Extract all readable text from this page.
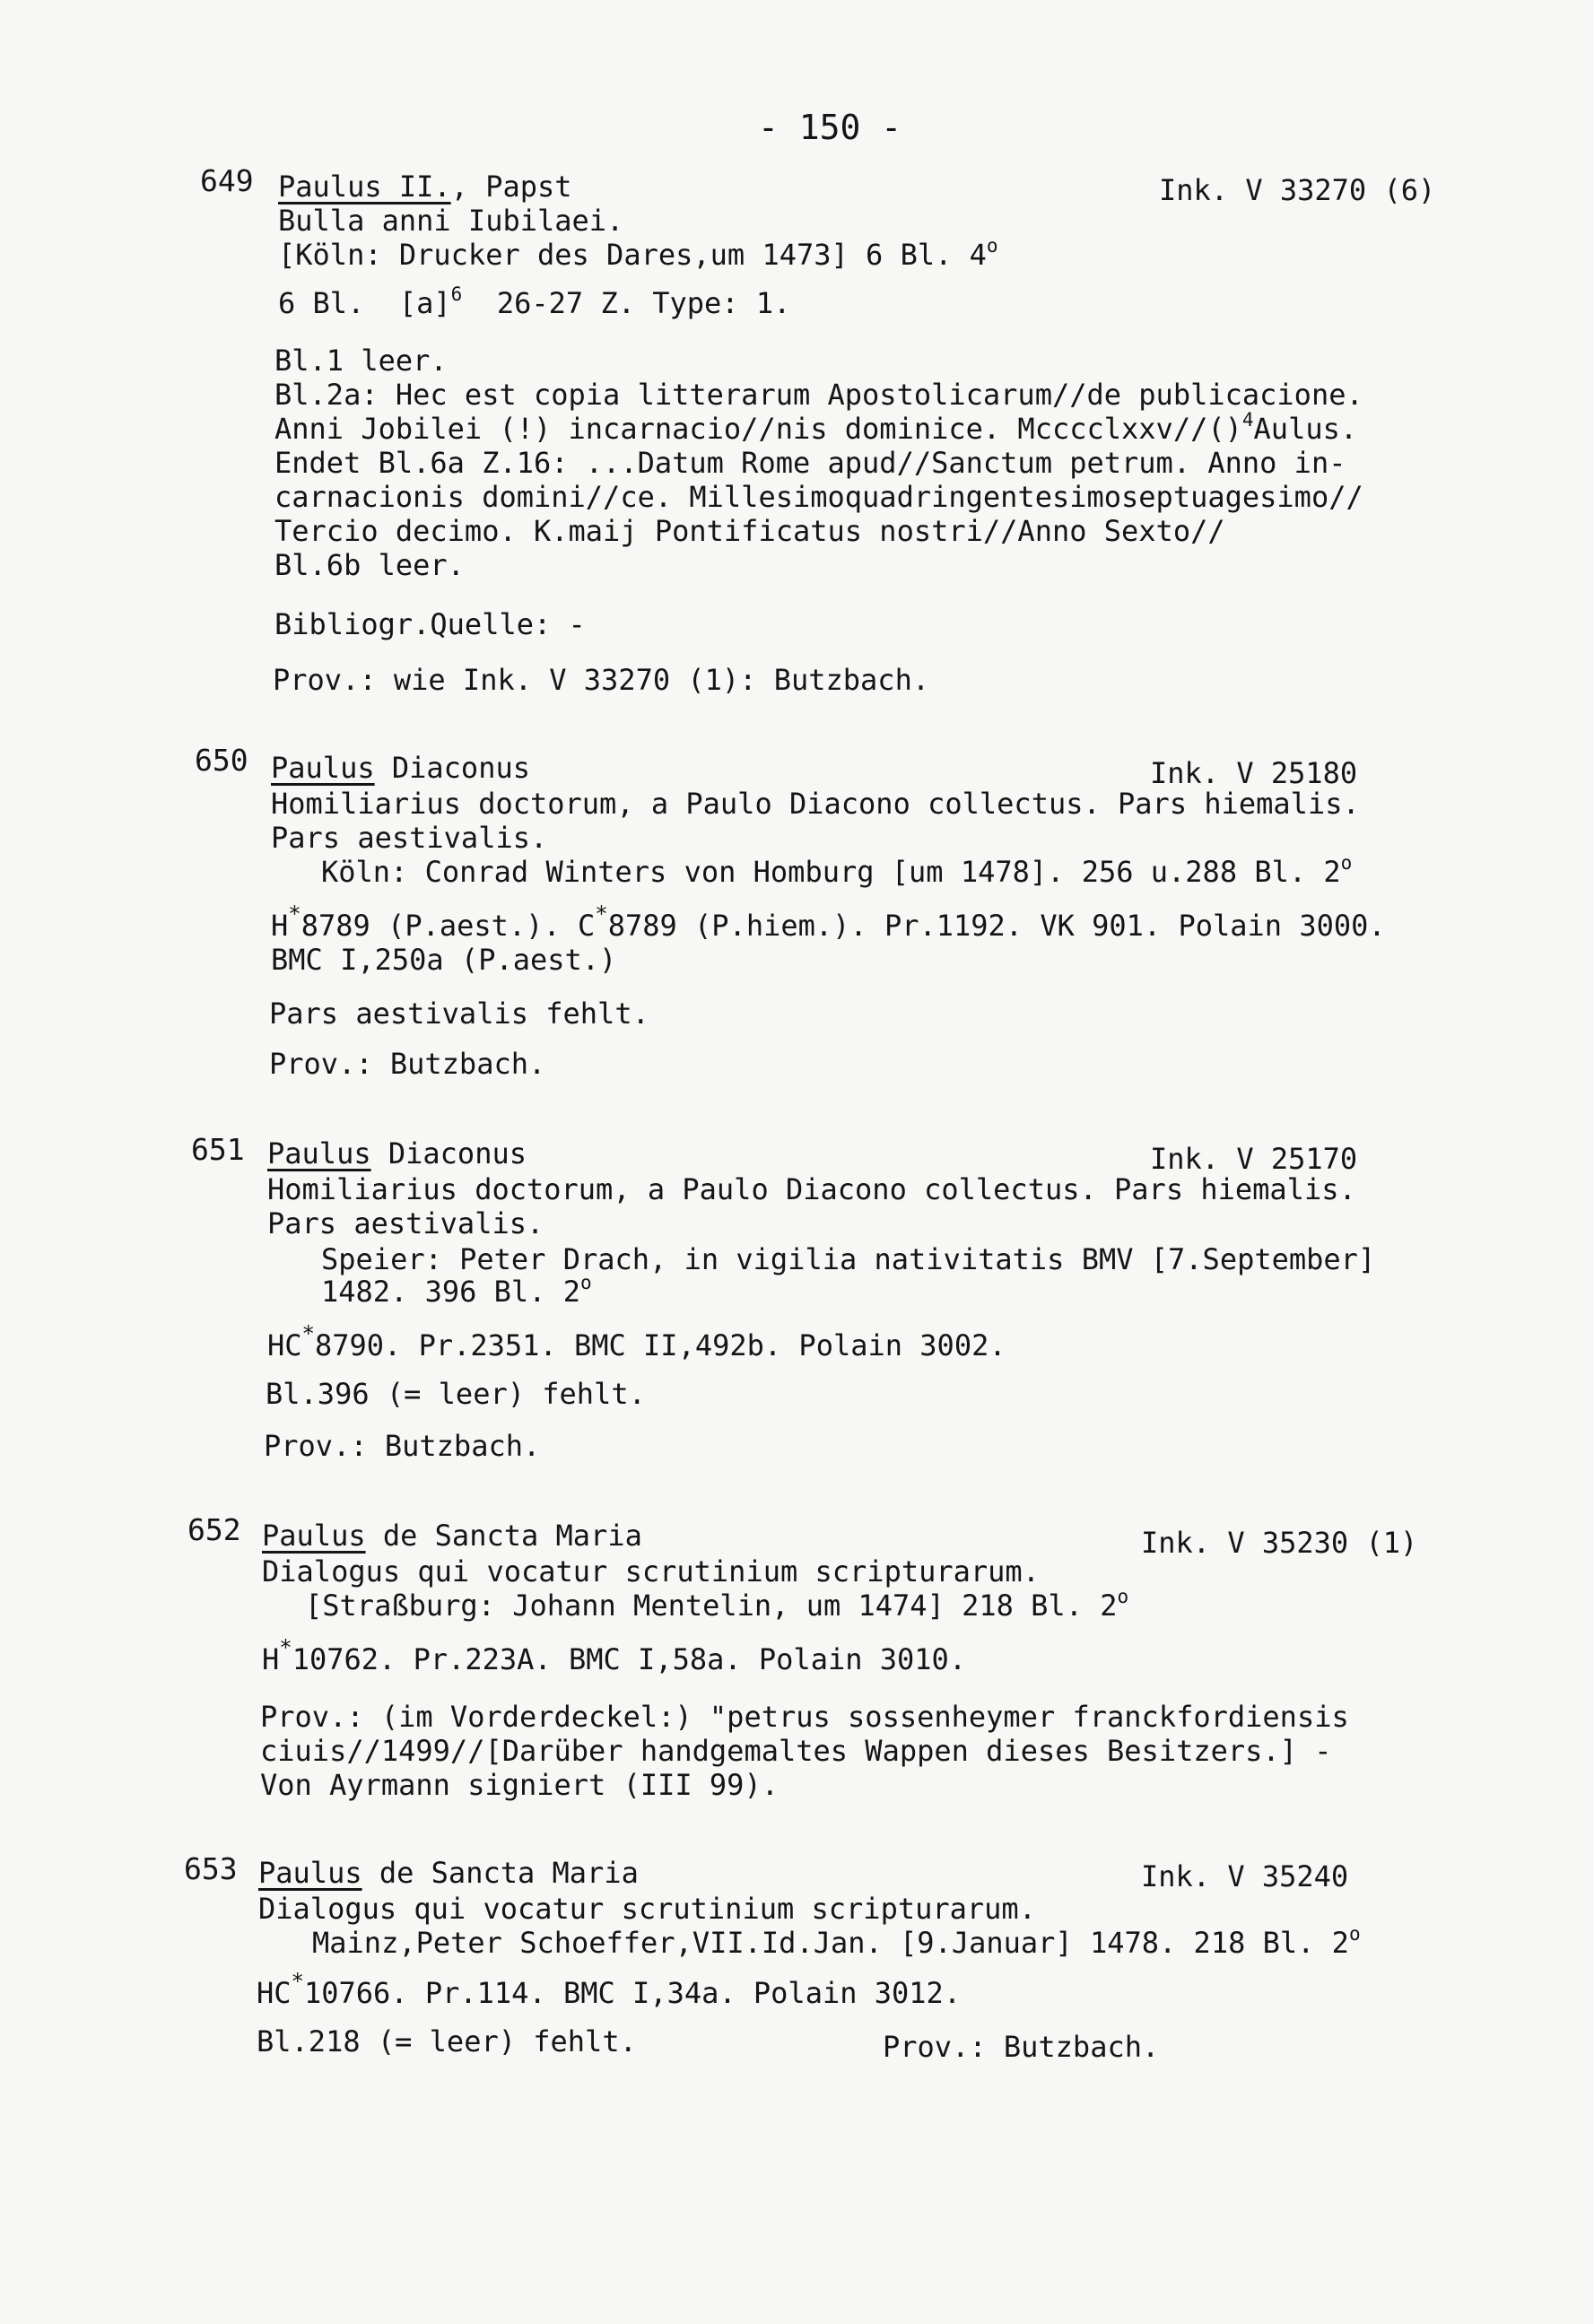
- 150 -
649 Paulus II., Papst	Ink. V 33270 (6)
Bulla anni Iubilaei.
[Köln: Drucker des Dares,um 1473] 6 Bl. 4$^o$
6 Bl.  $[a]^6$  26-27 Z. Type: 1.
Bl.1 leer.
Bl.2a: Hec est copia litterarum Apostolicarum//de publicacione.
Anni Jobilei (!) incarnacio//nis dominice. Mcccclxxv//()$^4$Aulus.
Endet Bl.6a Z.16: ...Datum Rome apud//Sanctum petrum. Anno in-
carnacionis domini//ce. Millesimoquadringentesimoseptuagesimo//
Tercio decimo. K.maij Pontificatus nostri//Anno Sexto//
Bl.6b leer.
Bibliogr.Quelle: -
Prov.: wie Ink. V 33270 (1): Butzbach.
650 Paulus Diaconus	Ink. V 25180
Homiliarius doctorum, a Paulo Diacono collectus. Pars hiemalis.
Pars aestivalis.
Köln: Conrad Winters von Homburg [um 1478]. 256 u.288 Bl. 2$^o$
H*8789 (P.aest.). C*8789 (P.hiem.). Pr.1192. VK 901. Polain 3000.
BMC I,250a (P.aest.)
Pars aestivalis fehlt.
Prov.: Butzbach.
651 Paulus Diaconus	Ink. V 25170
Homiliarius doctorum, a Paulo Diacono collectus. Pars hiemalis.
Pars aestivalis.
Speier: Peter Drach, in vigilia nativitatis BMV [7.September]
1482. 396 Bl. 2$^o$
HC*8790. Pr.2351. BMC II,492b. Polain 3002.
Bl.396 (= leer) fehlt.
Prov.: Butzbach.
652 Paulus de Sancta Maria	Ink. V 35230 (1)
Dialogus qui vocatur scrutinium scripturarum.
[Straßburg: Johann Mentelin, um 1474] 218 Bl. 2$^o$
H*10762. Pr.223A. BMC I,58a. Polain 3010.
Prov.: (im Vorderdeckel:) "petrus sossenheymer franckfordiensis
ciuis//1499//[Darüber handgemaltes Wappen dieses Besitzers.] -
Von Ayrmann signiert (III 99).
653 Paulus de Sancta Maria	Ink. V 35240
Dialogus qui vocatur scrutinium scripturarum.
Mainz,Peter Schoeffer,VII.Id.Jan. [9.Januar] 1478. 218 Bl. 2$^o$
HC*10766. Pr.114. BMC I,34a. Polain 3012.
Bl.218 (= leer) fehlt.	Prov.: Butzbach.
